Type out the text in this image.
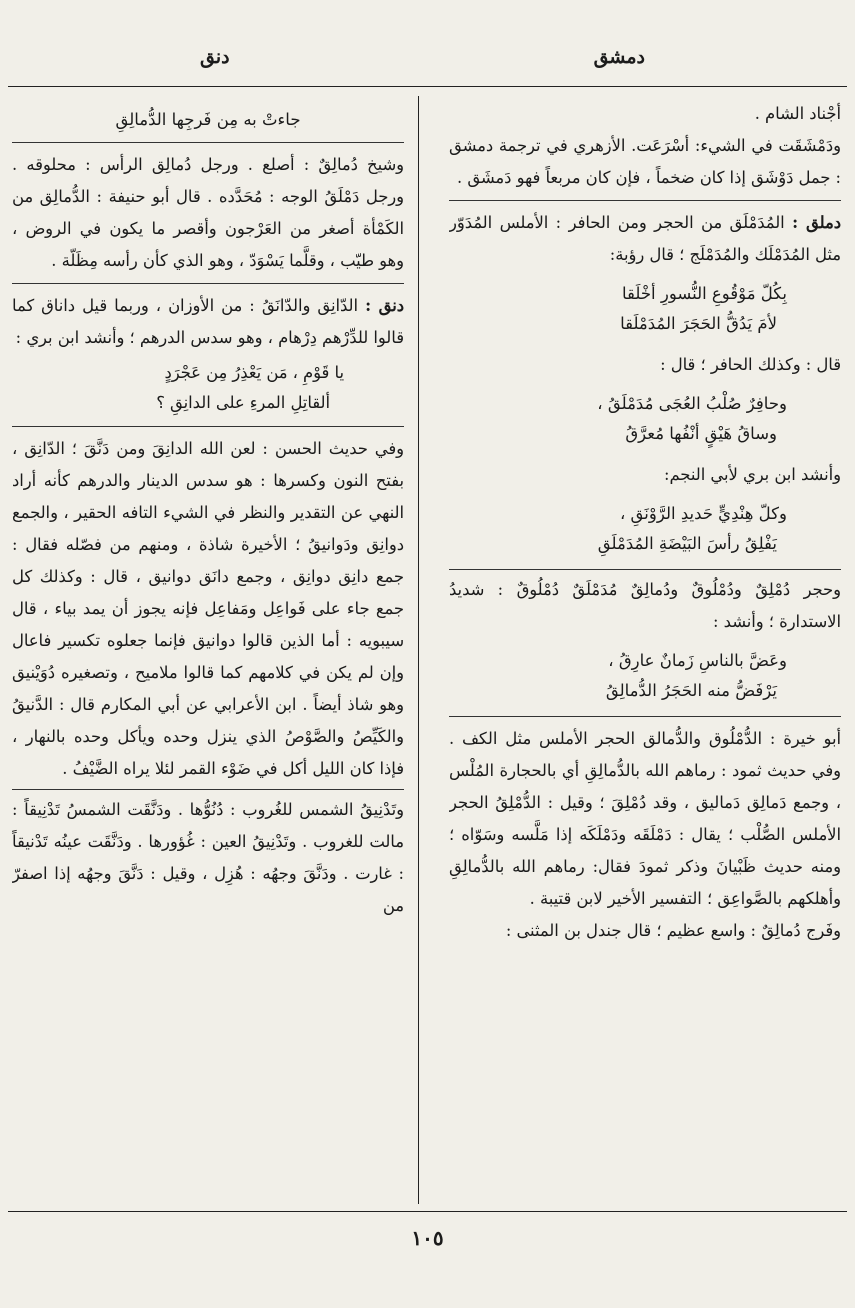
دمشق
دنق

أجْناد الشام .

ودَمْشَقَت في الشيء: أسْرَعَت. الأزهري في ترجمة دمشق : جمل دَوْشَق إذا كان ضخماً ، فإن كان مربعاً فهو دَمشَق .

دملق : المُدَمْلَق من الحجر ومن الحافر : الأملس المُدَوّر مثل المُدَمْلَك والمُدَمْلَج ؛ قال رؤبة:

بِكُلّ مَوْقُوعِ النُّسورِ أخْلَقا
لأمَ يَدُقُّ الحَجَرَ المُدَمْلَقا

قال : وكذلك الحافر ؛ قال :

وحافِرٌ صُلْبُ العُجَى مُدَمْلَقُ ،
وساقُ هَيْقٍ أنْفُها مُعرَّقُ

وأنشد ابن بري لأبي النجم:

وكلّ هِنْدِيٍّ حَديدِ الرَّوْنَقِ ،
يَفْلِقُ رأسَ البَيْضَةِ المُدَمْلَقِ

وحجر دُمْلِقٌ ودُمْلُوقٌ ودُمالِقٌ مُدَمْلَقٌ دُمْلُوقٌ : شديدُ الاستدارة ؛ وأنشد :

وعَضَّ بالناسِ زَمانٌ عارِقُ ،
يَرْفَضُّ منه الحَجَرُ الدُّمالِقُ

أبو خيرة : الدُّمْلُوق والدُّمالق الحجر الأملس مثل الكف . وفي حديث ثمود : رماهم الله بالدُّمالِقِ أي بالحجارة المُلْس ، وجمع دَمالِق دَماليق ، وقد دُمْلِقَ ؛ وقيل : الدُّمْلِقُ الحجر الأملس الصُّلْب ؛ يقال : دَمْلَقَه ودَمْلَكَه إذا مَلَّسه وسَوّاه ؛ ومنه حديث ظَبْيانَ وذكر ثمودَ فقال: رماهم الله بالدُّمالِقِ وأهلكهم بالصَّواعِق ؛ التفسير الأخير لابن قتيبة .

وفَرج دُمالِقٌ : واسع عظيم ؛ قال جندل بن المثنى :

جاءتْ به مِن فَرجِها الدُّمالِقِ

وشيخ دُمالِقٌ : أصلع . ورجل دُمالِق الرأس : محلوقه . ورجل دَمْلَقُ الوجه : مُحَدَّده . قال أبو حنيفة : الدُّمالِق من الكَمْأة أصغر من العَرْجون وأقصر ما يكون في الروض ، وهو طيّب ، وقلَّما يَسْوَدّ ، وهو الذي كأن رأسه مِظَلّة .

دنق : الدّانِق والدّانَقُ : من الأوزان ، وربما قيل داناق كما قالوا للدِّرْهم دِرْهام ، وهو سدس الدرهم ؛ وأنشد ابن بري :

يا قَوْمِ ، مَن يَعْذِرُ مِن عَجْرَدٍ
ألقاتِلِ المرءِ على الدانِقِ ؟

وفي حديث الحسن : لعن الله الدانِقَ ومن دَنَّقَ ؛ الدّانِق ، بفتح النون وكسرها : هو سدس الدينار والدرهم كأنه أراد النهي عن التقدير والنظر في الشيء التافه الحقير ، والجمع دوانِق ودَوانيقُ ؛ الأخيرة شاذة ، ومنهم من فصّله فقال : جمع دانِق دوانِق ، وجمع دانَق دوانيق ، قال : وكذلك كل جمع جاء على فَواعِل ومَفاعِل فإنه يجوز أن يمد بياء ، قال سيبويه : أما الذين قالوا دوانيق فإنما جعلوه تكسير فاعال وإن لم يكن في كلامهم كما قالوا ملاميح ، وتصغيره دُوَيْنيق وهو شاذ أيضاً . ابن الأعرابي عن أبي المكارم قال : الدَّنيقُ والكَيِّصُ والصَّوْصُ الذي ينزل وحده ويأكل وحده بالنهار ، فإذا كان الليل أكل في ضَوْء القمر لئلا يراه الضَّيْفُ .

وتَدْنِيقُ الشمس للغُروب : دُنُوُّها . ودَنَّقَت الشمسُ تَدْنِيقاً : مالت للغروب . وتَدْنِيقُ العين : غُؤورها . ودَنَّقَت عينُه تَدْنيقاً : غارت . ودَنَّقَ وجهُه : هُزِل ، وقيل : دَنَّقَ وجهُه إذا اصفرّ من

١٠٥
